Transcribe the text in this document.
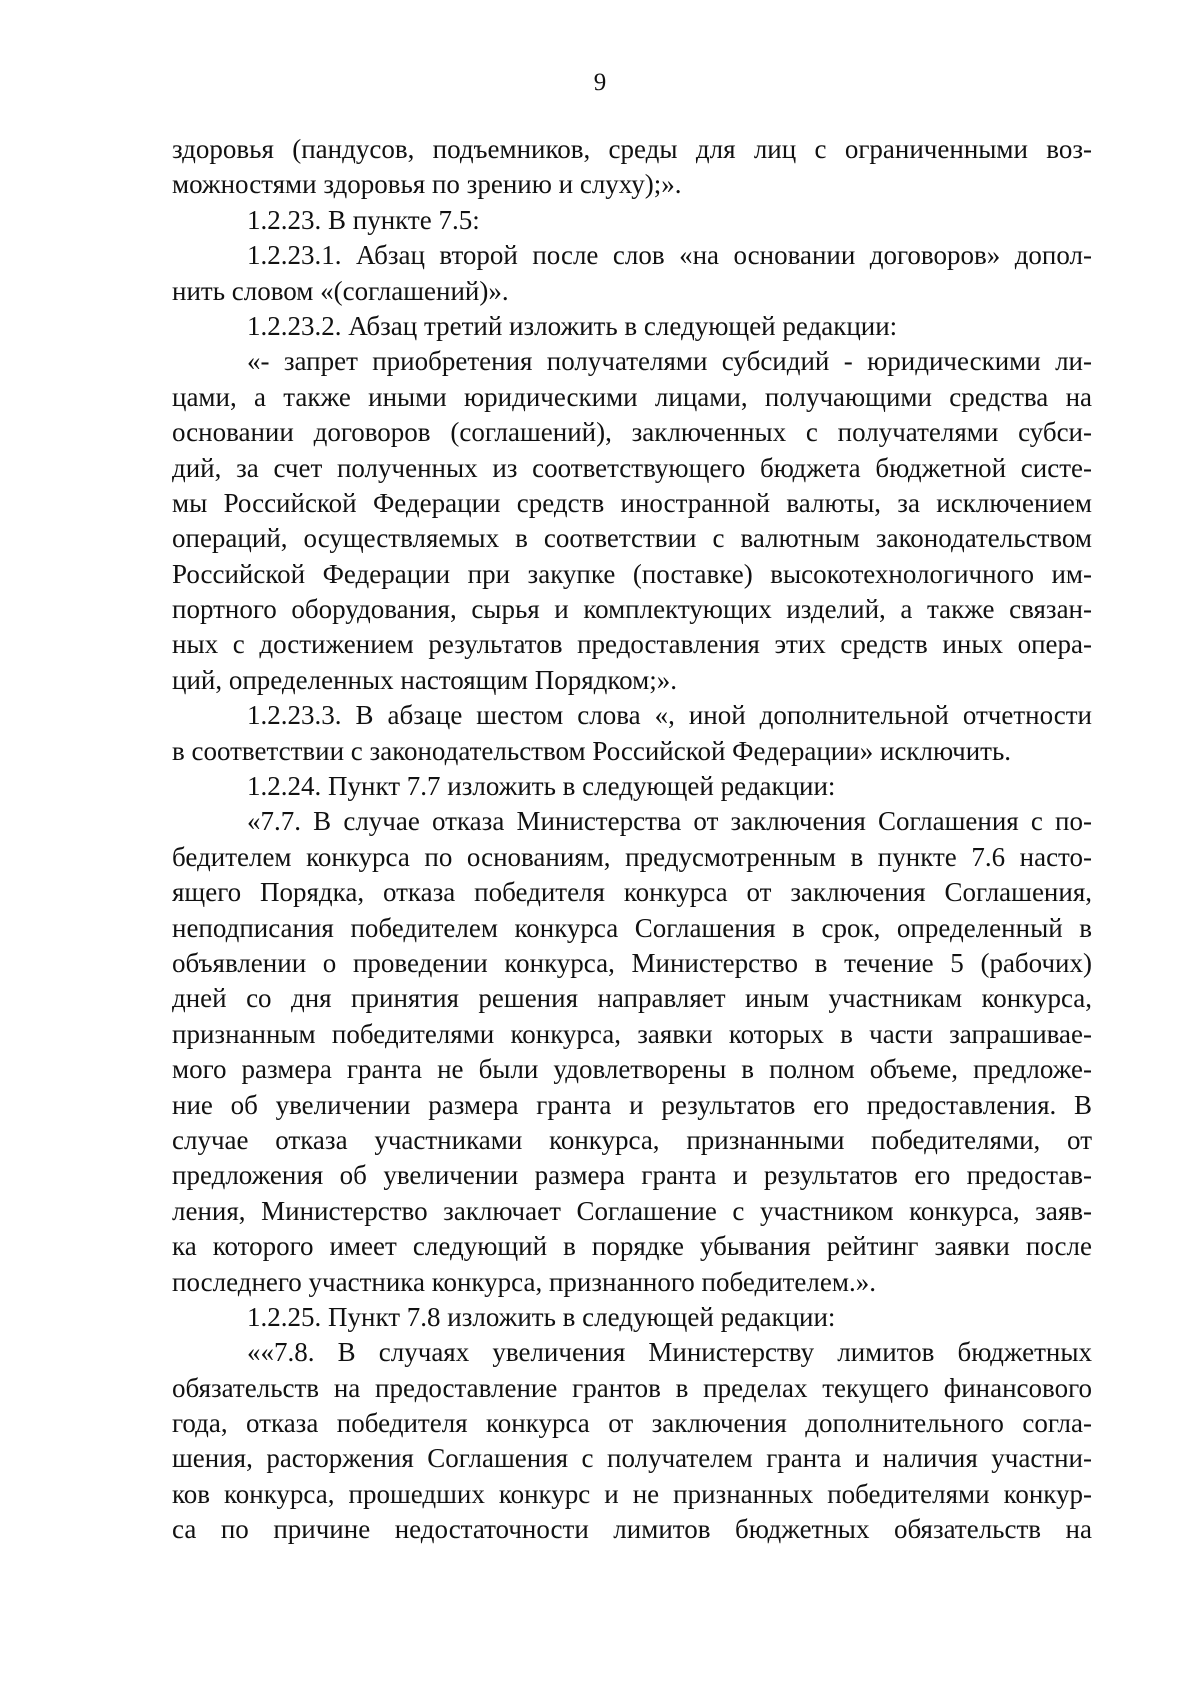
9
здоровья (пандусов, подъемников, среды для лиц с ограниченными воз-
можностями здоровья по зрению и слуху);».
1.2.23. В пункте 7.5:
1.2.23.1. Абзац второй после слов «на основании договоров» допол-
нить словом «(соглашений)».
1.2.23.2. Абзац третий изложить в следующей редакции:
«- запрет приобретения получателями субсидий - юридическими ли-
цами, а также иными юридическими лицами, получающими средства на
основании договоров (соглашений), заключенных с получателями субси-
дий, за счет полученных из соответствующего бюджета бюджетной систе-
мы Российской Федерации средств иностранной валюты, за исключением
операций, осуществляемых в соответствии с валютным законодательством
Российской Федерации при закупке (поставке) высокотехнологичного им-
портного оборудования, сырья и комплектующих изделий, а также связан-
ных с достижением результатов предоставления этих средств иных опера-
ций, определенных настоящим Порядком;».
1.2.23.3. В абзаце шестом слова «, иной дополнительной отчетности
в соответствии с законодательством Российской Федерации» исключить.
1.2.24. Пункт 7.7 изложить в следующей редакции:
«7.7. В случае отказа Министерства от заключения Соглашения с по-
бедителем конкурса по основаниям, предусмотренным в пункте 7.6 насто-
ящего Порядка, отказа победителя конкурса от заключения Соглашения,
неподписания победителем конкурса Соглашения в срок, определенный в
объявлении о проведении конкурса, Министерство в течение 5 (рабочих)
дней со дня принятия решения направляет иным участникам конкурса,
признанным победителями конкурса, заявки которых в части запрашивае-
мого размера гранта не были удовлетворены в полном объеме, предложе-
ние об увеличении размера гранта и результатов его предоставления. В
случае отказа участниками конкурса, признанными победителями, от
предложения об увеличении размера гранта и результатов его предостав-
ления, Министерство заключает Соглашение с участником конкурса, заяв-
ка которого имеет следующий в порядке убывания рейтинг заявки после
последнего участника конкурса, признанного победителем.».
1.2.25. Пункт 7.8 изложить в следующей редакции:
««7.8. В случаях увеличения Министерству лимитов бюджетных
обязательств на предоставление грантов в пределах текущего финансового
года, отказа победителя конкурса от заключения дополнительного согла-
шения, расторжения Соглашения с получателем гранта и наличия участни-
ков конкурса, прошедших конкурс и не признанных победителями конкур-
са по причине недостаточности лимитов бюджетных обязательств на
